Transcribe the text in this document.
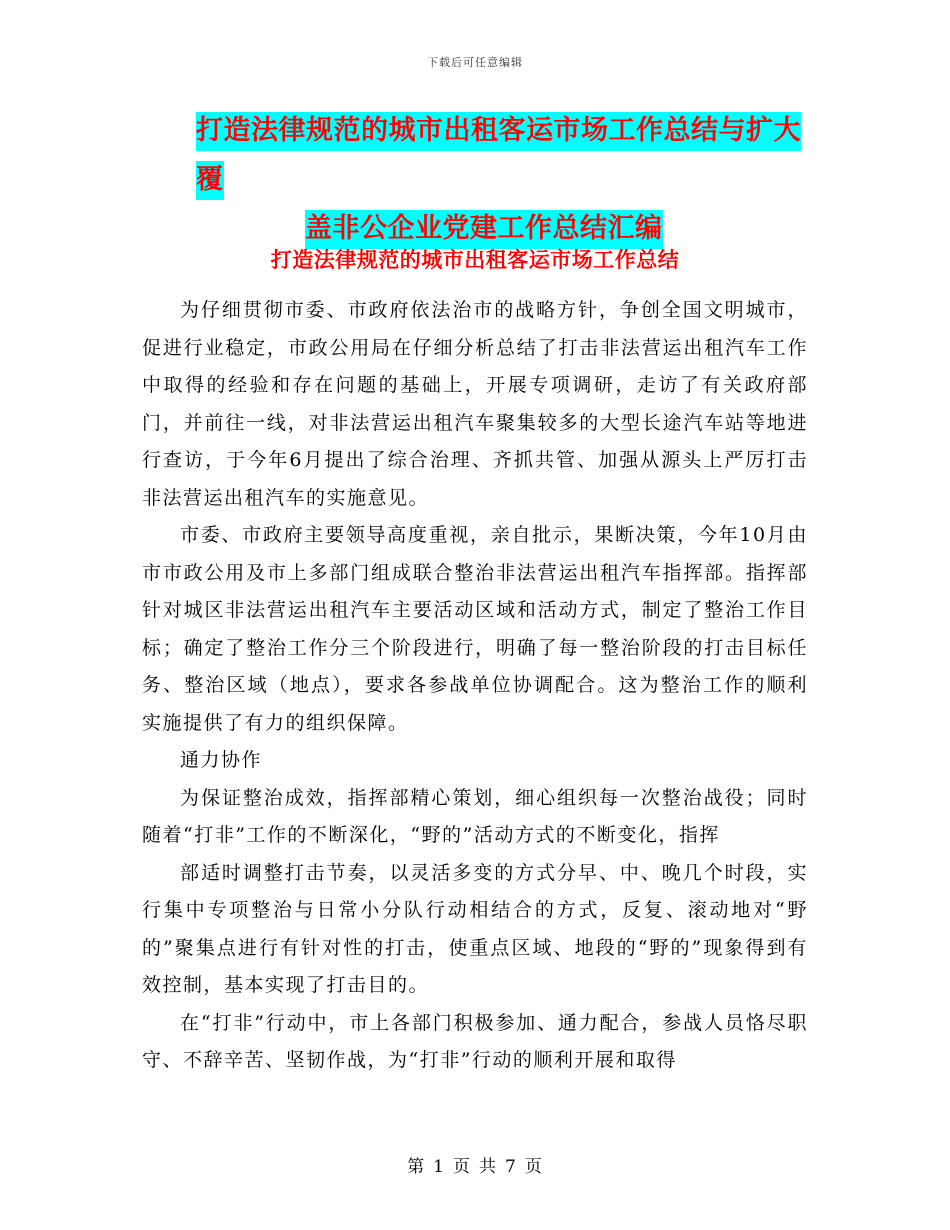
下载后可任意编辑
打造法律规范的城市出租客运市场工作总结与扩大覆
盖非公企业党建工作总结汇编
打造法律规范的城市出租客运市场工作总结

为仔细贯彻市委、市政府依法治市的战略方针，争创全国文明城市，促进行业稳定，市政公用局在仔细分析总结了打击非法营运出租汽车工作中取得的经验和存在问题的基础上，开展专项调研，走访了有关政府部门，并前往一线，对非法营运出租汽车聚集较多的大型长途汽车站等地进行查访，于今年6月提出了综合治理、齐抓共管、加强从源头上严厉打击非法营运出租汽车的实施意见。

市委、市政府主要领导高度重视，亲自批示，果断决策，今年10月由市市政公用及市上多部门组成联合整治非法营运出租汽车指挥部。指挥部针对城区非法营运出租汽车主要活动区域和活动方式，制定了整治工作目标；确定了整治工作分三个阶段进行，明确了每一整治阶段的打击目标任务、整治区域（地点），要求各参战单位协调配合。这为整治工作的顺利实施提供了有力的组织保障。

通力协作

为保证整治成效，指挥部精心策划，细心组织每一次整治战役；同时随着“打非”工作的不断深化，“野的”活动方式的不断变化，指挥

部适时调整打击节奏，以灵活多变的方式分早、中、晚几个时段，实行集中专项整治与日常小分队行动相结合的方式，反复、滚动地对“野的”聚集点进行有针对性的打击，使重点区域、地段的“野的”现象得到有效控制，基本实现了打击目的。

在“打非”行动中，市上各部门积极参加、通力配合，参战人员恪尽职守、不辞辛苦、坚韧作战，为“打非”行动的顺利开展和取得

第 1 页 共 7 页
